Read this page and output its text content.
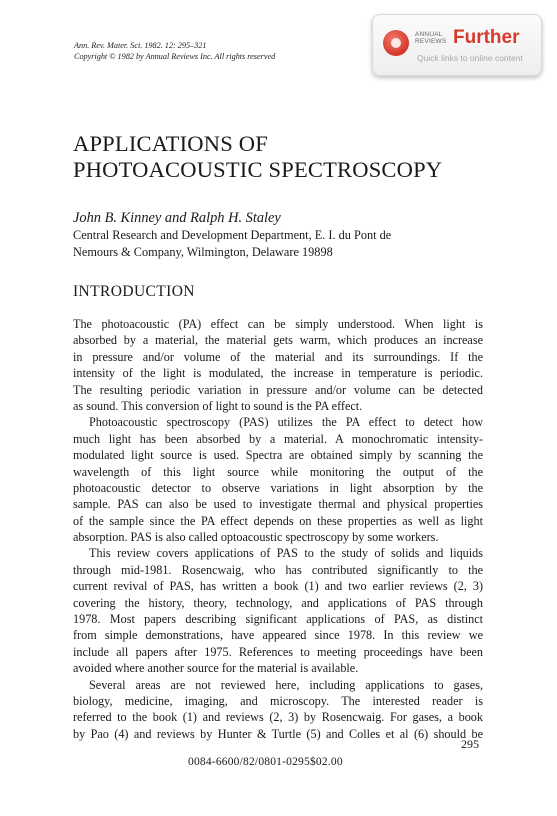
Ann. Rev. Mater. Sci. 1982. 12: 295–321
Copyright © 1982 by Annual Reviews Inc. All rights reserved
ANNUAL
REVIEWS Further
Quick links to online content
APPLICATIONS OF
PHOTOACOUSTIC SPECTROSCOPY
John B. Kinney and Ralph H. Staley
Central Research and Development Department, E. I. du Pont de
Nemours & Company, Wilmington, Delaware 19898
INTRODUCTION
The photoacoustic (PA) effect can be simply understood. When light is
absorbed by a material, the material gets warm, which produces an increase
in pressure and/or volume of the material and its surroundings. If the
intensity of the light is modulated, the increase in temperature is periodic.
The resulting periodic variation in pressure and/or volume can be detected
as sound. This conversion of light to sound is the PA effect.
Photoacoustic spectroscopy (PAS) utilizes the PA effect to detect how
much light has been absorbed by a material. A monochromatic intensity-
modulated light source is used. Spectra are obtained simply by scanning the
wavelength of this light source while monitoring the output of the
photoacoustic detector to observe variations in light absorption by the
sample. PAS can also be used to investigate thermal and physical properties
of the sample since the PA effect depends on these properties as well as light
absorption. PAS is also called optoacoustic spectroscopy by some workers.
This review covers applications of PAS to the study of solids and liquids
through mid-1981. Rosencwaig, who has contributed significantly to the
current revival of PAS, has written a book (1) and two earlier reviews (2, 3)
covering the history, theory, technology, and applications of PAS through
1978. Most papers describing significant applications of PAS, as distinct
from simple demonstrations, have appeared since 1978. In this review we
include all papers after 1975. References to meeting proceedings have been
avoided where another source for the material is available.
Several areas are not reviewed here, including applications to gases,
biology, medicine, imaging, and microscopy. The interested reader is
referred to the book (1) and reviews (2, 3) by Rosencwaig. For gases, a book
by Pao (4) and reviews by Hunter & Turtle (5) and Colles et al (6) should be
295
0084-6600/82/0801-0295$02.00
